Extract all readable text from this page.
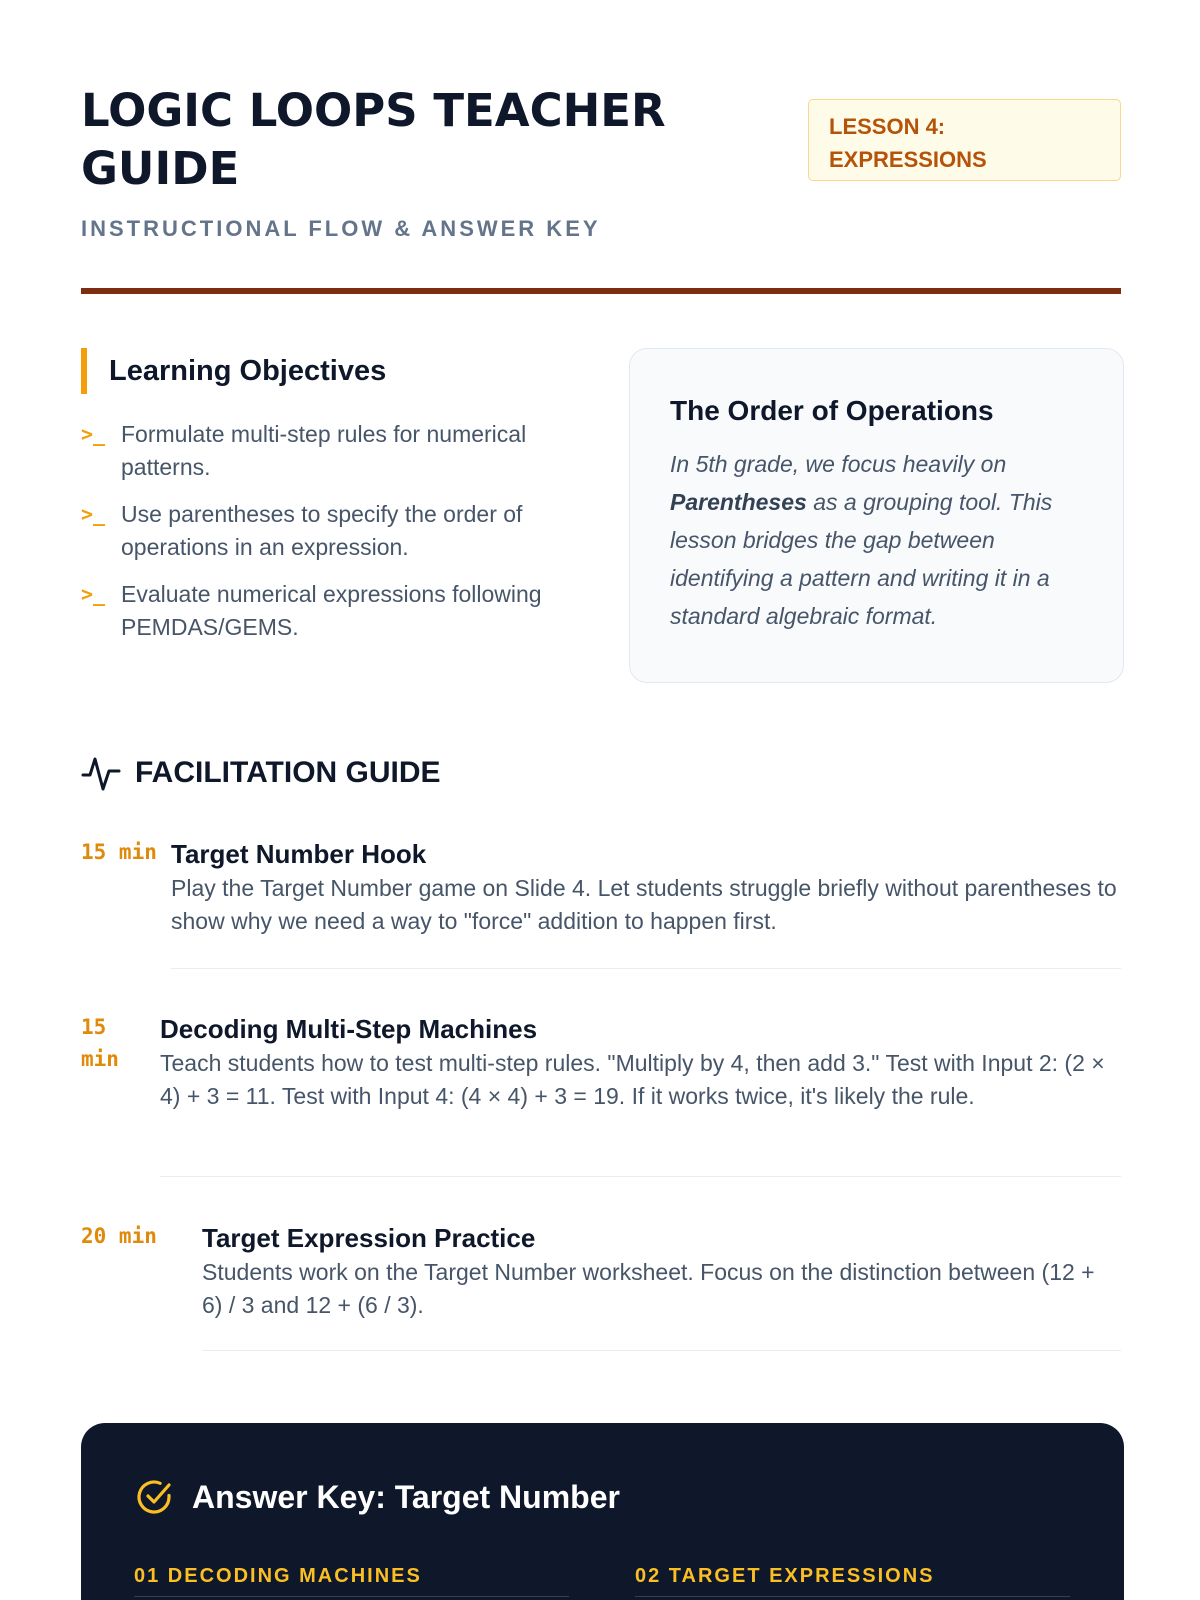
LOGIC LOOPS TEACHER GUIDE
INSTRUCTIONAL FLOW & ANSWER KEY
LESSON 4: EXPRESSIONS
Learning Objectives
>_ Formulate multi-step rules for numerical patterns.
>_ Use parentheses to specify the order of operations in an expression.
>_ Evaluate numerical expressions following PEMDAS/GEMS.
The Order of Operations

In 5th grade, we focus heavily on Parentheses as a grouping tool. This lesson bridges the gap between identifying a pattern and writing it in a standard algebraic format.

FACILITATION GUIDE
15 min Target Number Hook

Play the Target Number game on Slide 4. Let students struggle briefly without parentheses to show why we need a way to "force" addition to happen first.

15 min
Decoding Multi-Step Machines

Teach students how to test multi-step rules. "Multiply by 4, then add 3." Test with Input 2: (2 × 4) + 3 = 11. Test with Input 4: (4 × 4) + 3 = 19. If it works twice, it's likely the rule.

20 min Target Expression Practice

Students work on the Target Number worksheet. Focus on the distinction between (12 + 6) / 3 and 12 + (6 / 3).

Answer Key: Target Number
01 DECODING MACHINES	02 TARGET EXPRESSIONS
